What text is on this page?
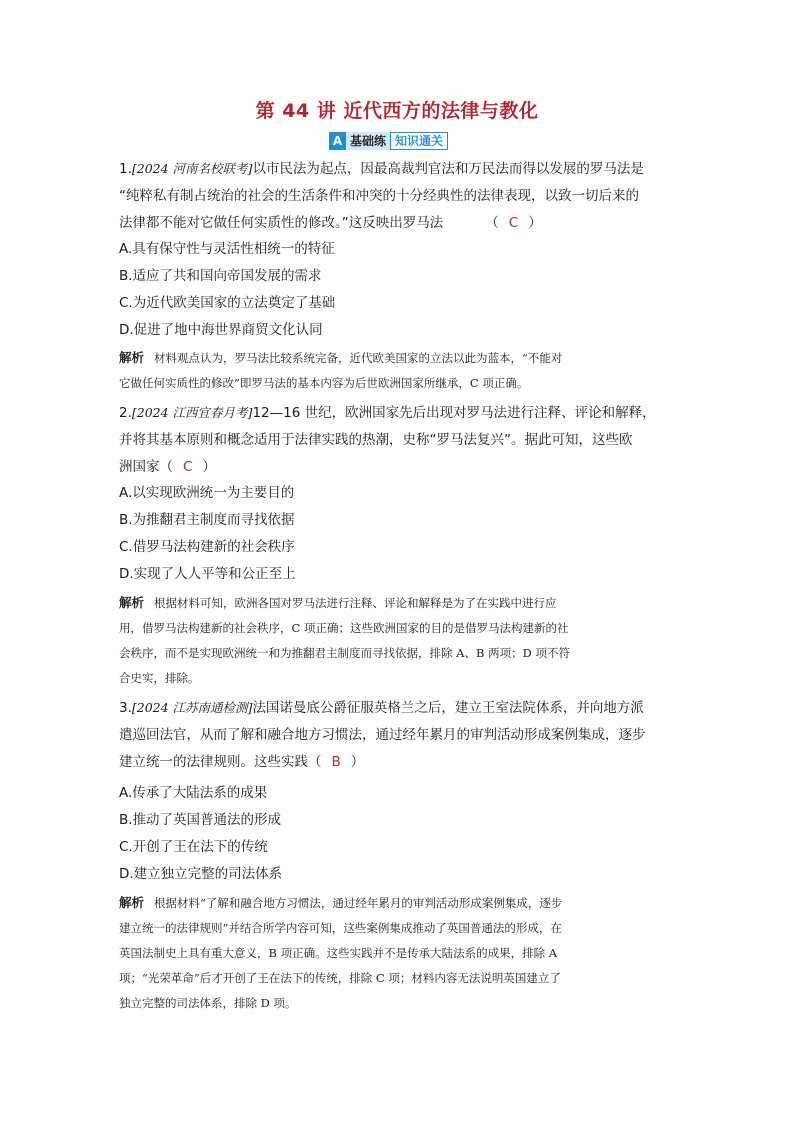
第 44 讲 近代西方的法律与教化
A 基础练 知识通关
1.[2024 河南名校联考]以市民法为起点，因最高裁判官法和万民法而得以发展的罗马法是
“纯粹私有制占统治的社会的生活条件和冲突的十分经典性的法律表现，以致一切后来的
法律都不能对它做任何实质性的修改。”这反映出罗马法	（ C ）
A.具有保守性与灵活性相统一的特征
B.适应了共和国向帝国发展的需求
C.为近代欧美国家的立法奠定了基础
D.促进了地中海世界商贸文化认同
解析 材料观点认为，罗马法比较系统完备，近代欧美国家的立法以此为蓝本，“不能对
它做任何实质性的修改”即罗马法的基本内容为后世欧洲国家所继承，C 项正确。
2.[2024 江西宜春月考]12—16 世纪，欧洲国家先后出现对罗马法进行注释、评论和解释，
并将其基本原则和概念适用于法律实践的热潮，史称“罗马法复兴”。据此可知，这些欧
洲国家（ C ）
A.以实现欧洲统一为主要目的
B.为推翻君主制度而寻找依据
C.借罗马法构建新的社会秩序
D.实现了人人平等和公正至上
解析 根据材料可知，欧洲各国对罗马法进行注释、评论和解释是为了在实践中进行应
用，借罗马法构建新的社会秩序，C 项正确；这些欧洲国家的目的是借罗马法构建新的社
会秩序，而不是实现欧洲统一和为推翻君主制度而寻找依据，排除 A、B 两项；D 项不符
合史实，排除。
3.[2024 江苏南通检测]法国诺曼底公爵征服英格兰之后，建立王室法院体系，并向地方派
遣巡回法官，从而了解和融合地方习惯法，通过经年累月的审判活动形成案例集成，逐步
建立统一的法律规则。这些实践（ B ）
A.传承了大陆法系的成果
B.推动了英国普通法的形成
C.开创了王在法下的传统
D.建立独立完整的司法体系
解析 根据材料“了解和融合地方习惯法，通过经年累月的审判活动形成案例集成，逐步
建立统一的法律规则”并结合所学内容可知，这些案例集成推动了英国普通法的形成，在
英国法制史上具有重大意义，B 项正确。这些实践并不是传承大陆法系的成果，排除 A
项；“光荣革命”后才开创了王在法下的传统，排除 C 项；材料内容无法说明英国建立了
独立完整的司法体系，排除 D 项。
